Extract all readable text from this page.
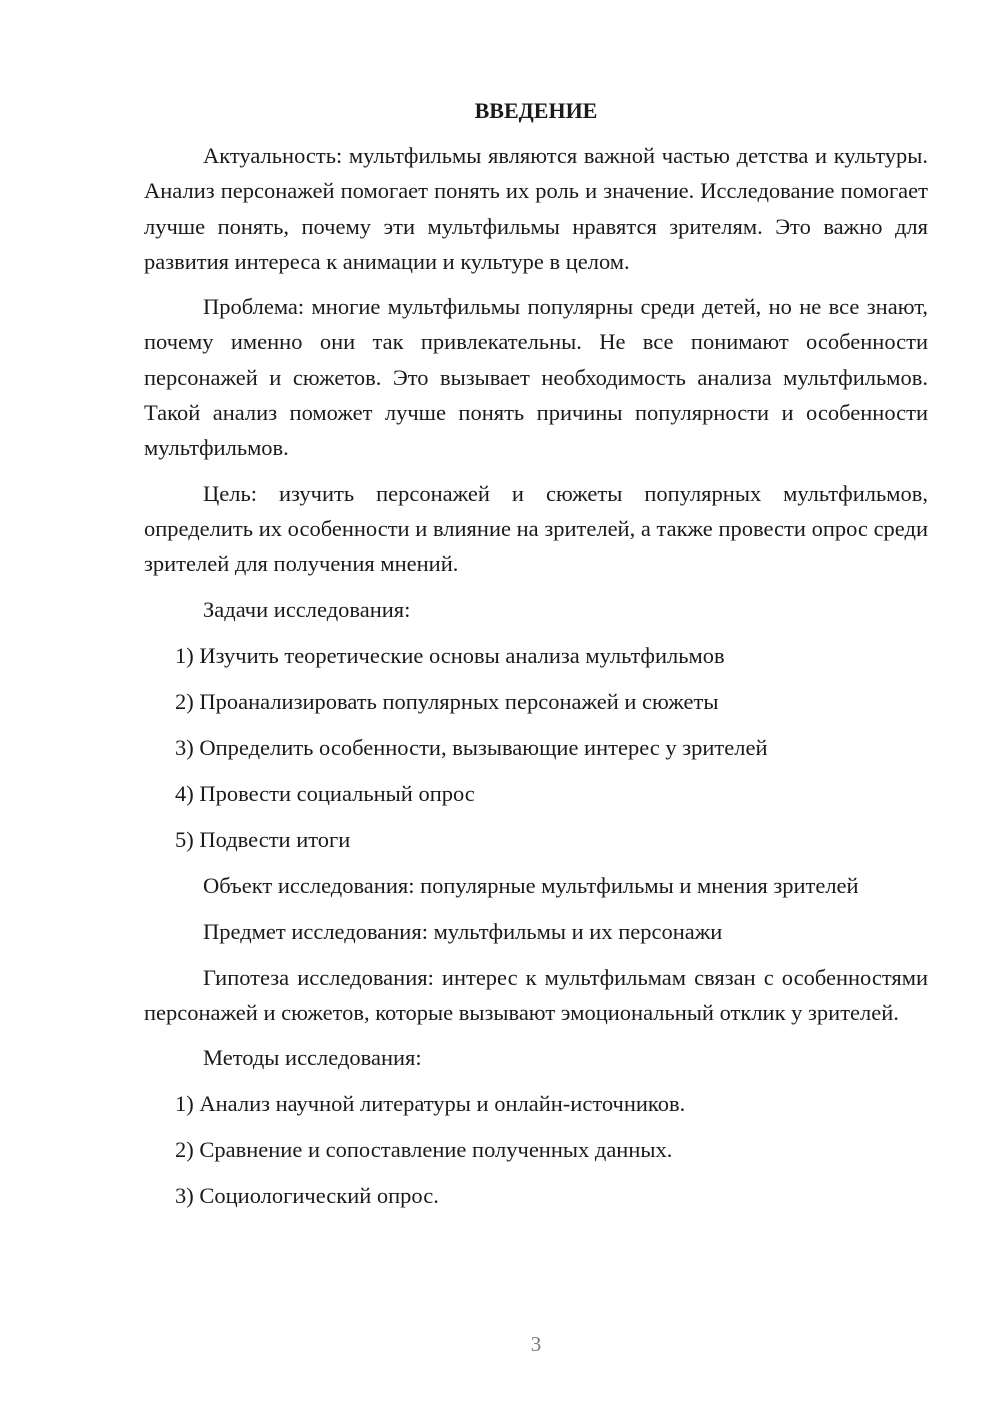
ВВЕДЕНИЕ

Актуальность: мультфильмы являются важной частью детства и культуры. Анализ персонажей помогает понять их роль и значение. Исследование помогает лучше понять, почему эти мультфильмы нравятся зрителям. Это важно для развития интереса к анимации и культуре в целом.

Проблема: многие мультфильмы популярны среди детей, но не все знают, почему именно они так привлекательны. Не все понимают особенности персонажей и сюжетов. Это вызывает необходимость анализа мультфильмов. Такой анализ поможет лучше понять причины популярности и особенности мультфильмов.

Цель: изучить персонажей и сюжеты популярных мультфильмов, определить их особенности и влияние на зрителей, а также провести опрос среди зрителей для получения мнений.

Задачи исследования:
1) Изучить теоретические основы анализа мультфильмов
2) Проанализировать популярных персонажей и сюжеты
3) Определить особенности, вызывающие интерес у зрителей
4) Провести социальный опрос
5) Подвести итоги
Объект исследования: популярные мультфильмы и мнения зрителей
Предмет исследования: мультфильмы и их персонажи

Гипотеза исследования: интерес к мультфильмам связан с особенностями персонажей и сюжетов, которые вызывают эмоциональный отклик у зрителей.

Методы исследования:
1) Анализ научной литературы и онлайн-источников.
2) Сравнение и сопоставление полученных данных.
3) Социологический опрос.
3
